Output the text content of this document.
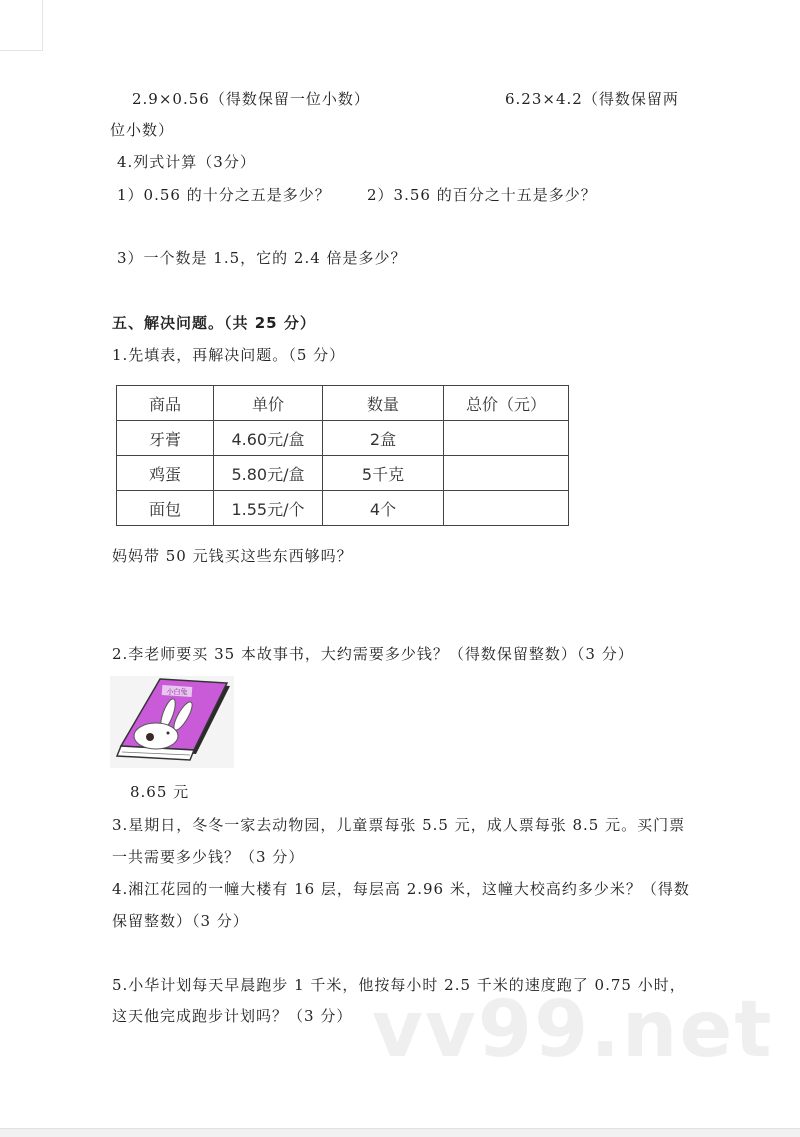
2.9×0.56（得数保留一位小数）	6.23×4.2（得数保留两
位小数）
4.列式计算（3分）
1）0.56 的十分之五是多少？ 2）3.56 的百分之十五是多少？
3）一个数是 1.5，它的 2.4 倍是多少？
五、解决问题。（共 25 分）
1.先填表，再解决问题。（5 分）
商品	单价	数量	总价（元）
牙膏	4.60元/盒	2盒	
鸡蛋	5.80元/盒	5千克	
面包	1.55元/个	4个	
妈妈带 50 元钱买这些东西够吗？
2.李老师要买 35 本故事书，大约需要多少钱？（得数保留整数）（3 分）
小白兔
8.65 元
3.星期日，冬冬一家去动物园，儿童票每张 5.5 元，成人票每张 8.5 元。买门票
一共需要多少钱？（3 分）
4.湘江花园的一幢大楼有 16 层，每层高 2.96 米，这幢大校高约多少米？（得数
保留整数）（3 分）
5.小华计划每天早晨跑步 1 千米，他按每小时 2.5 千米的速度跑了 0.75 小时，
这天他完成跑步计划吗？（3 分） vv99.net
